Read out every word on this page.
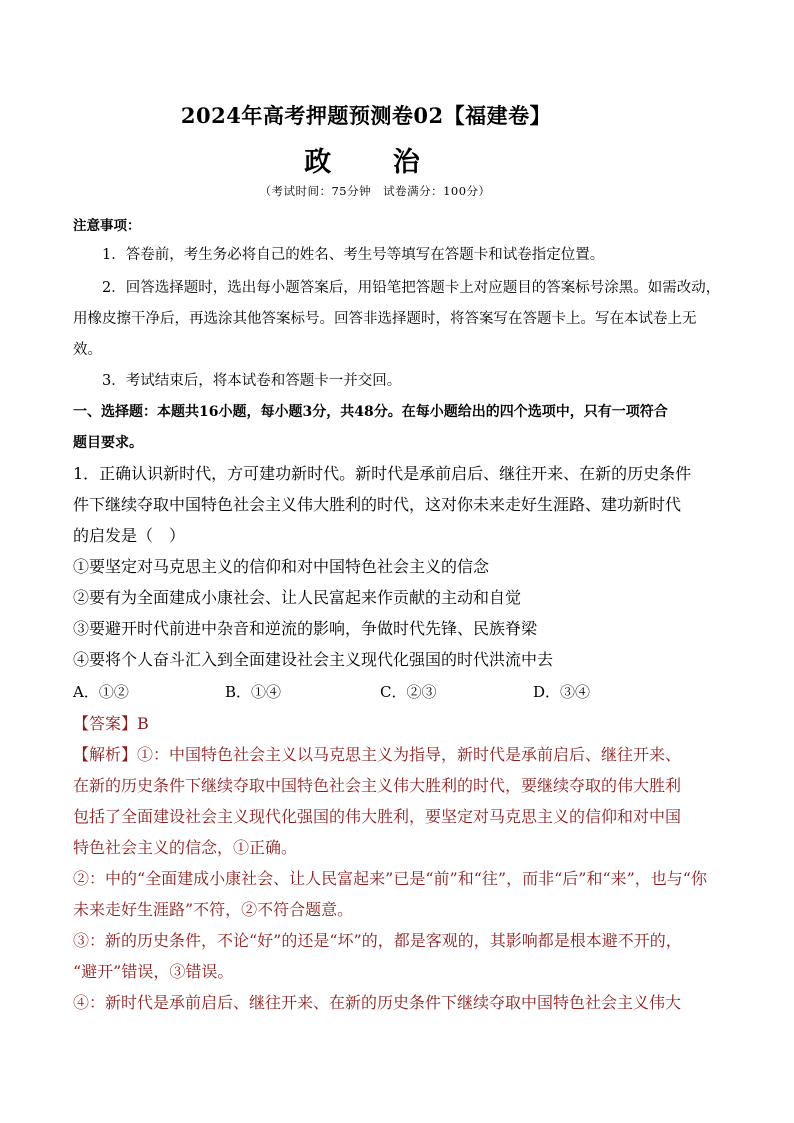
2024年高考押题预测卷02【福建卷】
政 治
（考试时间：75分钟　试卷满分：100分）
注意事项：
1．答卷前，考生务必将自己的姓名、考生号等填写在答题卡和试卷指定位置。
2．回答选择题时，选出每小题答案后，用铅笔把答题卡上对应题目的答案标号涂黑。如需改动，
用橡皮擦干净后，再选涂其他答案标号。回答非选择题时，将答案写在答题卡上。写在本试卷上无
效。
3．考试结束后，将本试卷和答题卡一并交回。
一、选择题：本题共16小题，每小题3分，共48分。在每小题给出的四个选项中，只有一项符合
题目要求。
1．正确认识新时代，方可建功新时代。新时代是承前启后、继往开来、在新的历史条件
件下继续夺取中国特色社会主义伟大胜利的时代，这对你未来走好生涯路、建功新时代
的启发是（　）
①要坚定对马克思主义的信仰和对中国特色社会主义的信念
②要有为全面建成小康社会、让人民富起来作贡献的主动和自觉
③要避开时代前进中杂音和逆流的影响，争做时代先锋、民族脊梁
④要将个人奋斗汇入到全面建设社会主义现代化强国的时代洪流中去
A．①②	B．①④	C．②③	D．③④
【答案】B
【解析】①：中国特色社会主义以马克思主义为指导，新时代是承前启后、继往开来、
在新的历史条件下继续夺取中国特色社会主义伟大胜利的时代，要继续夺取的伟大胜利
包括了全面建设社会主义现代化强国的伟大胜利，要坚定对马克思主义的信仰和对中国
特色社会主义的信念，①正确。
②：中的“全面建成小康社会、让人民富起来”已是“前”和“往”，而非“后”和“来”，也与“你
未来走好生涯路”不符，②不符合题意。
③：新的历史条件，不论“好”的还是“坏”的，都是客观的，其影响都是根本避不开的，
“避开”错误，③错误。
④：新时代是承前启后、继往开来、在新的历史条件下继续夺取中国特色社会主义伟大
